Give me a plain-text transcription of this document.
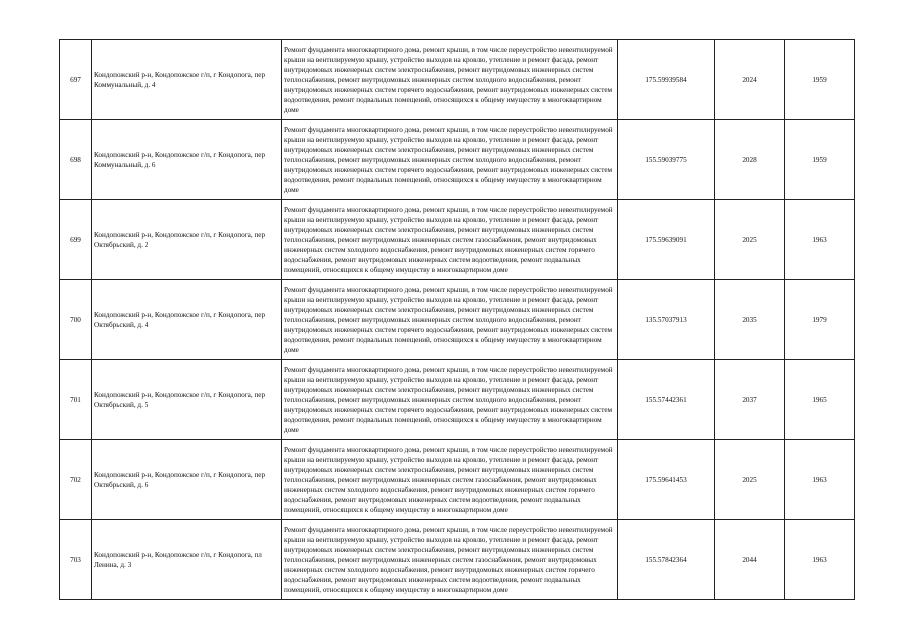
697	Кондопожский р-н, Кондопожское г/п, г Кондопога, пер Коммунальный, д. 4	Ремонт фундамента многоквартирного дома, ремонт крыши, в том числе переустройство невентилируемой крыши на вентилируемую крышу, устройство выходов на кровлю, утепление и ремонт фасада, ремонт внутридомовых инженерных систем электроснабжения, ремонт внутридомовых инженерных систем теплоснабжения, ремонт внутридомовых инженерных систем холодного водоснабжения, ремонт внутридомовых инженерных систем горячего водоснабжения, ремонт внутридомовых инженерных систем водоотведения, ремонт подвальных помещений, относящихся к общему имуществу в многоквартирном доме	175.59939584	2024	1959
698	Кондопожский р-н, Кондопожское г/п, г Кондопога, пер Коммунальный, д. 6	Ремонт фундамента многоквартирного дома, ремонт крыши, в том числе переустройство невентилируемой крыши на вентилируемую крышу, устройство выходов на кровлю, утепление и ремонт фасада, ремонт внутридомовых инженерных систем электроснабжения, ремонт внутридомовых инженерных систем теплоснабжения, ремонт внутридомовых инженерных систем холодного водоснабжения, ремонт внутридомовых инженерных систем горячего водоснабжения, ремонт внутридомовых инженерных систем водоотведения, ремонт подвальных помещений, относящихся к общему имуществу в многоквартирном доме	155.59039775	2028	1959
699	Кондопожский р-н, Кондопожское г/п, г Кондопога, пер Октябрьский, д. 2	Ремонт фундамента многоквартирного дома, ремонт крыши, в том числе переустройство невентилируемой крыши на вентилируемую крышу, устройство выходов на кровлю, утепление и ремонт фасада, ремонт внутридомовых инженерных систем электроснабжения, ремонт внутридомовых инженерных систем теплоснабжения, ремонт внутридомовых инженерных систем газоснабжения, ремонт внутридомовых инженерных систем холодного водоснабжения, ремонт внутридомовых инженерных систем горячего водоснабжения, ремонт внутридомовых инженерных систем водоотведения, ремонт подвальных помещений, относящихся к общему имуществу в многоквартирном доме	175.59639091	2025	1963
700	Кондопожский р-н, Кондопожское г/п, г Кондопога, пер Октябрьский, д. 4	Ремонт фундамента многоквартирного дома, ремонт крыши, в том числе переустройство невентилируемой крыши на вентилируемую крышу, устройство выходов на кровлю, утепление и ремонт фасада, ремонт внутридомовых инженерных систем электроснабжения, ремонт внутридомовых инженерных систем теплоснабжения, ремонт внутридомовых инженерных систем холодного водоснабжения, ремонт внутридомовых инженерных систем горячего водоснабжения, ремонт внутридомовых инженерных систем водоотведения, ремонт подвальных помещений, относящихся к общему имуществу в многоквартирном доме	135.57037913	2035	1979
701	Кондопожский р-н, Кондопожское г/п, г Кондопога, пер Октябрьский, д. 5	Ремонт фундамента многоквартирного дома, ремонт крыши, в том числе переустройство невентилируемой крыши на вентилируемую крышу, устройство выходов на кровлю, утепление и ремонт фасада, ремонт внутридомовых инженерных систем электроснабжения, ремонт внутридомовых инженерных систем теплоснабжения, ремонт внутридомовых инженерных систем холодного водоснабжения, ремонт внутридомовых инженерных систем горячего водоснабжения, ремонт внутридомовых инженерных систем водоотведения, ремонт подвальных помещений, относящихся к общему имуществу в многоквартирном доме	155.57442361	2037	1965
702	Кондопожский р-н, Кондопожское г/п, г Кондопога, пер Октябрьский, д. 6	Ремонт фундамента многоквартирного дома, ремонт крыши, в том числе переустройство невентилируемой крыши на вентилируемую крышу, устройство выходов на кровлю, утепление и ремонт фасада, ремонт внутридомовых инженерных систем электроснабжения, ремонт внутридомовых инженерных систем теплоснабжения, ремонт внутридомовых инженерных систем газоснабжения, ремонт внутридомовых инженерных систем холодного водоснабжения, ремонт внутридомовых инженерных систем горячего водоснабжения, ремонт внутридомовых инженерных систем водоотведения, ремонт подвальных помещений, относящихся к общему имуществу в многоквартирном доме	175.59641453	2025	1963
703	Кондопожский р-н, Кондопожское г/п, г Кондопога, пл Ленина, д. 3	Ремонт фундамента многоквартирного дома, ремонт крыши, в том числе переустройство невентилируемой крыши на вентилируемую крышу, устройство выходов на кровлю, утепление и ремонт фасада, ремонт внутридомовых инженерных систем электроснабжения, ремонт внутридомовых инженерных систем теплоснабжения, ремонт внутридомовых инженерных систем газоснабжения, ремонт внутридомовых инженерных систем холодного водоснабжения, ремонт внутридомовых инженерных систем горячего водоснабжения, ремонт внутридомовых инженерных систем водоотведения, ремонт подвальных помещений, относящихся к общему имуществу в многоквартирном доме	155.57842364	2044	1963
